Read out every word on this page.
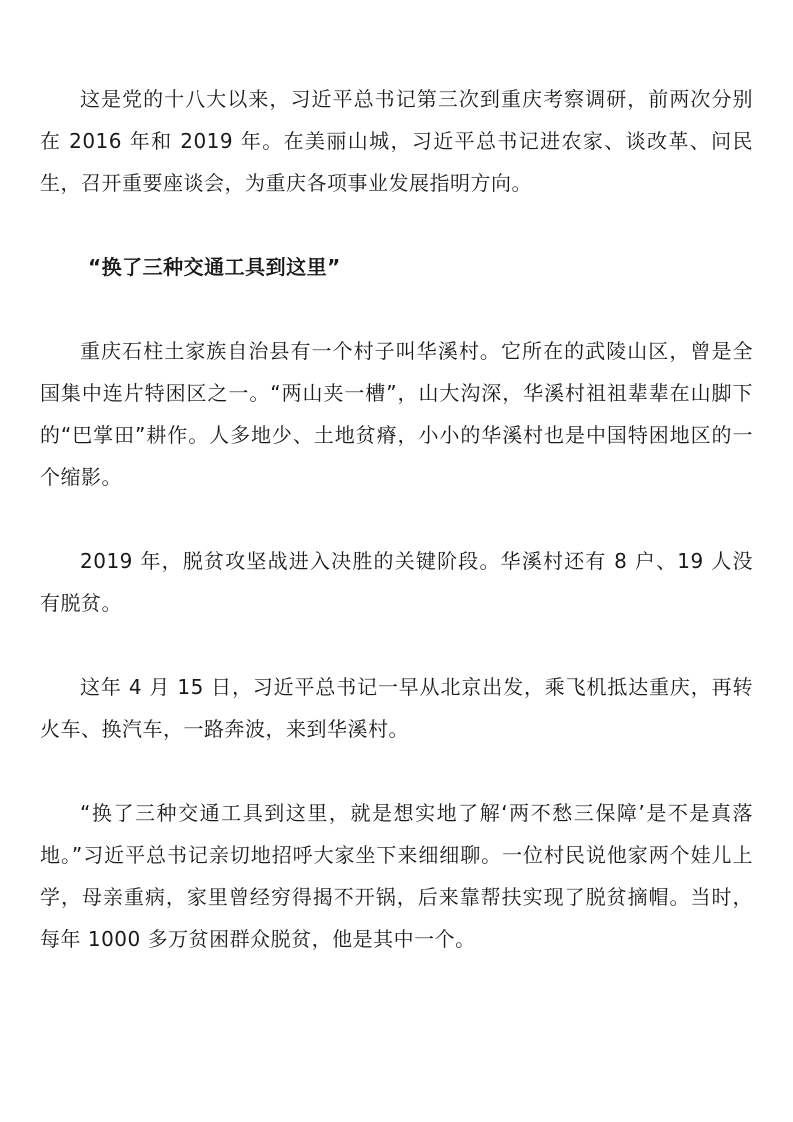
这是党的十八大以来，习近平总书记第三次到重庆考察调研，前两次分别在 2016 年和 2019 年。在美丽山城，习近平总书记进农家、谈改革、问民生，召开重要座谈会，为重庆各项事业发展指明方向。

“换了三种交通工具到这里”

重庆石柱土家族自治县有一个村子叫华溪村。它所在的武陵山区，曾是全国集中连片特困区之一。“两山夹一槽”，山大沟深，华溪村祖祖辈辈在山脚下的“巴掌田”耕作。人多地少、土地贫瘠，小小的华溪村也是中国特困地区的一个缩影。

2019 年，脱贫攻坚战进入决胜的关键阶段。华溪村还有 8 户、19 人没有脱贫。

这年 4 月 15 日，习近平总书记一早从北京出发，乘飞机抵达重庆，再转火车、换汽车，一路奔波，来到华溪村。

“换了三种交通工具到这里，就是想实地了解‘两不愁三保障’是不是真落地。”习近平总书记亲切地招呼大家坐下来细细聊。一位村民说他家两个娃儿上学，母亲重病，家里曾经穷得揭不开锅，后来靠帮扶实现了脱贫摘帽。当时，每年 1000 多万贫困群众脱贫，他是其中一个。
